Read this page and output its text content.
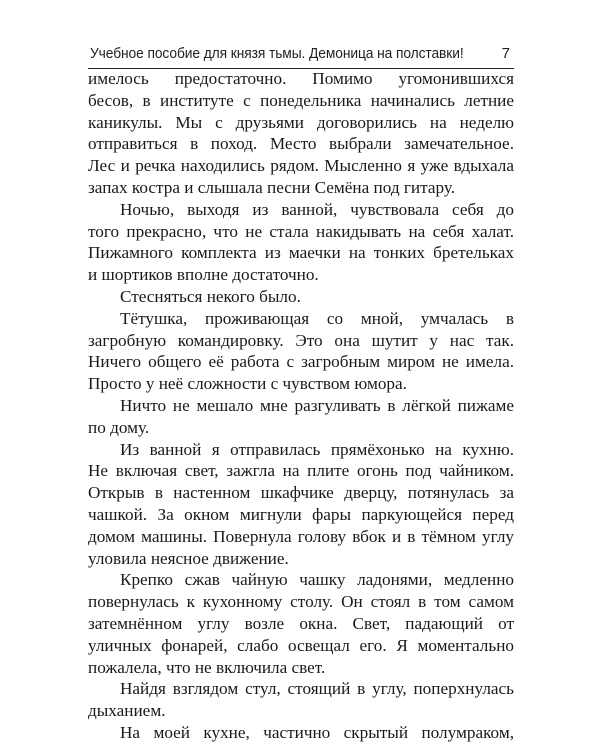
Учебное пособие для князя тьмы. Демоница на полставки!	7
имелось предостаточно. Помимо угомонившихся
бесов, в институте с понедельника начинались летние
каникулы. Мы с друзьями договорились на неделю
отправиться в поход. Место выбрали замечательное.
Лес и речка находились рядом. Мысленно я уже вдыхала
запах костра и слышала песни Семёна под гитару.
Ночью, выходя из ванной, чувствовала себя до
того прекрасно, что не стала накидывать на себя халат.
Пижамного комплекта из маечки на тонких бретельках
и шортиков вполне достаточно.
Стесняться некого было.
Тётушка, проживающая со мной, умчалась в
загробную командировку. Это она шутит у нас так.
Ничего общего её работа с загробным миром не имела.
Просто у неё сложности с чувством юмора.
Ничто не мешало мне разгуливать в лёгкой пижаме
по дому.
Из ванной я отправилась прямёхонько на кухню.
Не включая свет, зажгла на плите огонь под чайником.
Открыв в настенном шкафчике дверцу, потянулась за
чашкой. За окном мигнули фары паркующейся перед
домом машины. Повернула голову вбок и в тёмном углу
уловила неясное движение.
Крепко сжав чайную чашку ладонями, медленно
повернулась к кухонному столу. Он стоял в том самом
затемнённом углу возле окна. Свет, падающий от
уличных фонарей, слабо освещал его. Я моментально
пожалела, что не включила свет.
Найдя взглядом стул, стоящий в углу, поперхнулась
дыханием.
На моей кухне, частично скрытый полумраком,
